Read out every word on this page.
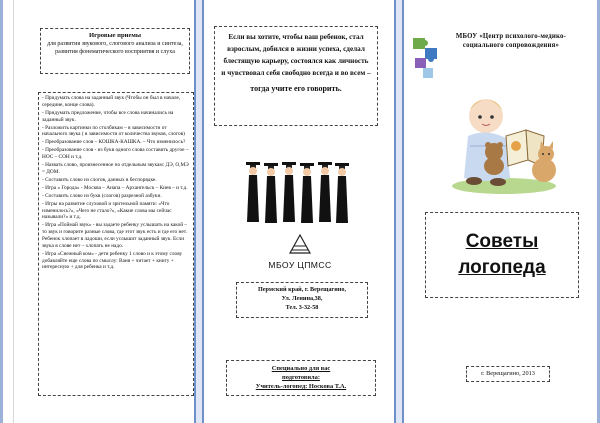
Игровые приемы
для развития звукового, слогового анализа и синтеза, развития фонематического восприятия и слуха
- Придумать слова на заданный звук (Чтобы он был в начале, середине, конце слова).
- Придумать предложение, чтобы все слова начинались на заданный звук.
- Разложить картинки по столбикам – в зависимости от начального звука ( в зависимости от количества звуков, слогов)
- Преобразование слов – КОШКА-КАШКА. – Что изменилось?
- Преобразование слов - из букв одного слова составить другое – НОС – СОН и т.д.
- Назвать слово, произнесенное по отдельным звукам: ДЭ, О,МЭ = ДОМ.
- Составить слово из слогов, данных в беспорядке.
- Игра « Города» - Москва – Анапа – Архангельск – Киев – и т.д.
- Составить слово из букв (слогов) разрезной азбуки.
- Игры на развитие слуховой и зрительной памяти: «Что изменилось?», «Чего не стало?», «Какие слова мы сейчас называли?» и т.д.
- Игра «Поймай звук» - вы задаете ребенку услышать на какой – то звук и говорите разные слова, где этот звук есть и где его нет. Ребенок хлопает в ладоши, если услышит заданный звук. Если звука в слове нет – хлопать не надо.
- Игра «Снежный ком» - дети ребенку 1 слово и к этому слову добавляйте еще слова по смыслу: Ваня + читает + книгу + интересную + для ребенка и т.д.
Если вы хотите, чтобы ваш ребенок, стал взрослым, добился в жизни успеха, сделал блестящую карьеру, состоялся как личность и чувствовал себя свободно всегда и во всем –
тогда учите его говорить.
МБОУ ЦПМСС
Пермский край, г. Верещагино,
Ул. Ленина,38,
Тел. 3-32-58
Специально для вас
подготовила:
Учитель-логопед: Носкова Т.А.
МБОУ «Центр психолого-медико-социального сопровождения»
Советы
логопеда
г. Верещагино, 2013
